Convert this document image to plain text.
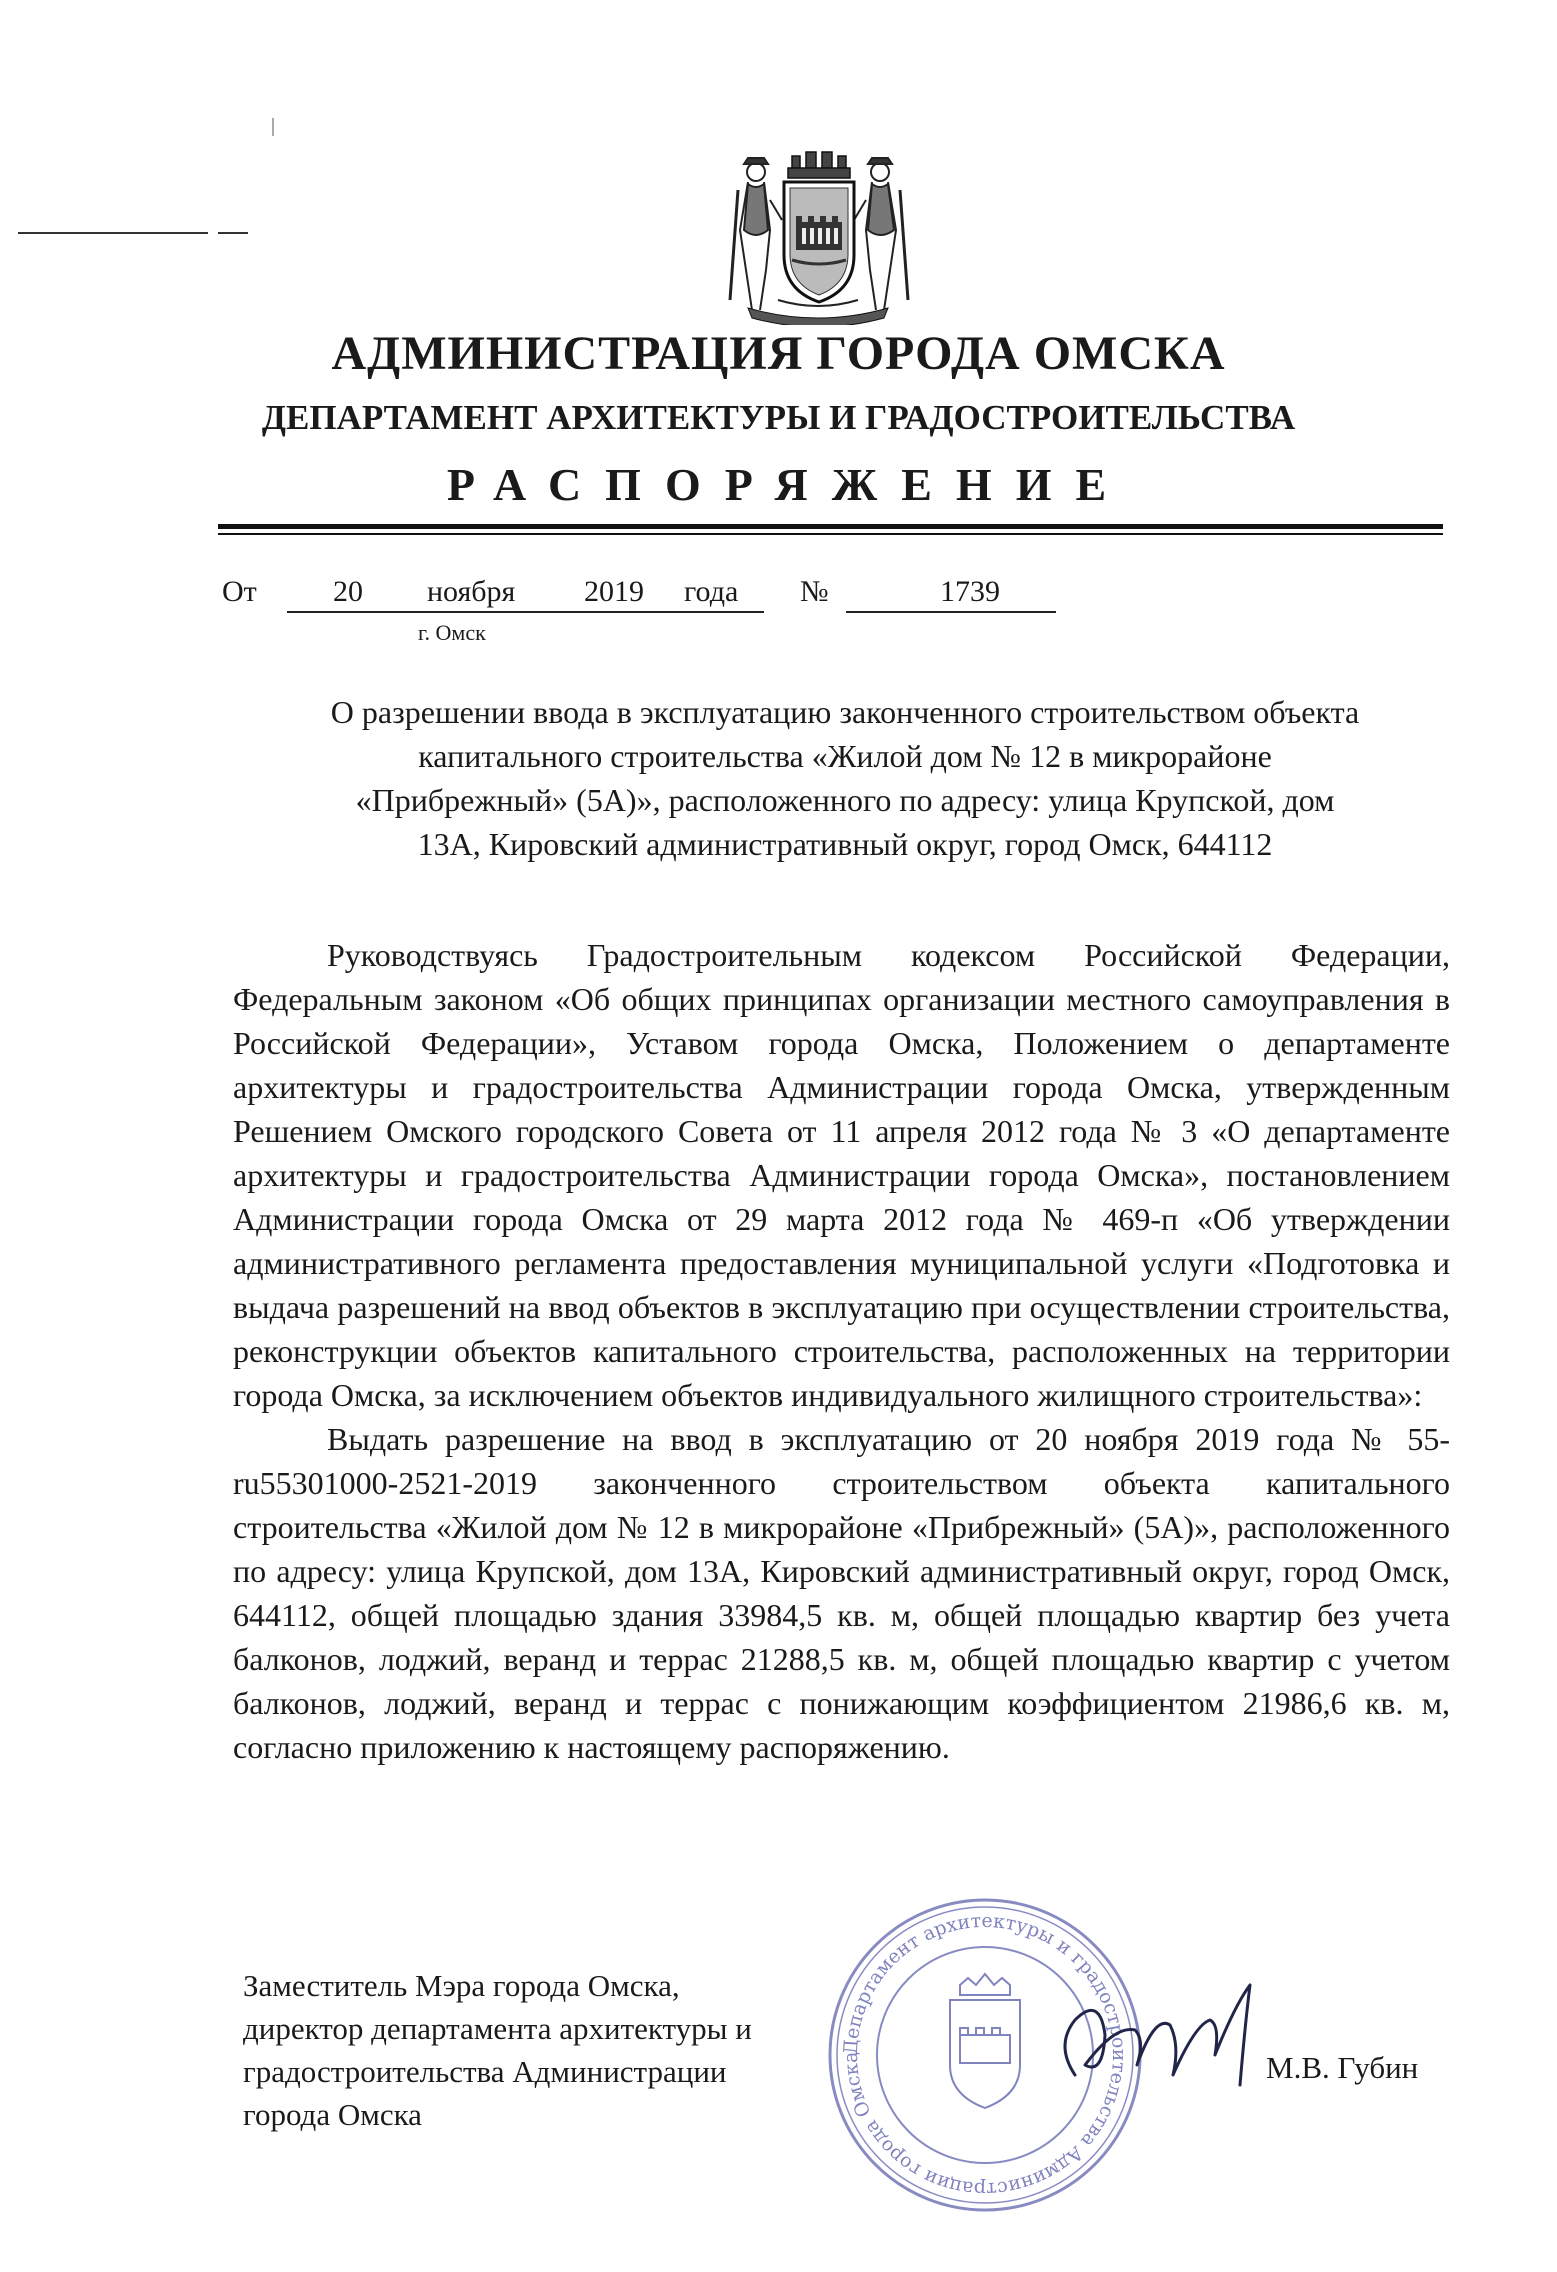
АДМИНИСТРАЦИЯ ГОРОДА ОМСКА
ДЕПАРТАМЕНТ АРХИТЕКТУРЫ И ГРАДОСТРОИТЕЛЬСТВА
РАСПОРЯЖЕНИЕ
От	20 ноября 2019 года №	1739
г. Омск
О разрешении ввода в эксплуатацию законченного строительством объекта
капитального строительства «Жилой дом № 12 в микрорайоне
«Прибрежный» (5А)», расположенного по адресу: улица Крупской, дом
13А, Кировский административный округ, город Омск, 644112

Руководствуясь Градостроительным кодексом Российской Федерации, Федеральным законом «Об общих принципах организации местного самоуправления в Российской Федерации», Уставом города Омска, Положением о департаменте архитектуры и градостроительства Администрации города Омска, утвержденным Решением Омского городского Совета от 11 апреля 2012 года № 3 «О департаменте архитектуры и градостроительства Администрации города Омска», постановлением Администрации города Омска от 29 марта 2012 года № 469-п «Об утверждении административного регламента предоставления муниципальной услуги «Подготовка и выдача разрешений на ввод объектов в эксплуатацию при осуществлении строительства, реконструкции объектов капитального строительства, расположенных на территории города Омска, за исключением объектов индивидуального жилищного строительства»:

Выдать разрешение на ввод в эксплуатацию от 20 ноября 2019 года № 55-ru55301000-2521-2019 законченного строительством объекта капитального строительства «Жилой дом № 12 в микрорайоне «Прибрежный» (5А)», расположенного по адресу: улица Крупской, дом 13А, Кировский административный округ, город Омск, 644112, общей площадью здания 33984,5 кв. м, общей площадью квартир без учета балконов, лоджий, веранд и террас 21288,5 кв. м, общей площадью квартир с учетом балконов, лоджий, веранд и террас с понижающим коэффициентом 21986,6 кв. м, согласно приложению к настоящему распоряжению.

Заместитель Мэра города Омска,
директор департамента архитектуры и
градостроительства Администрации
города Омска
М.В. Губин
Департамент архитектуры и градостроительства Администрации города Омска
